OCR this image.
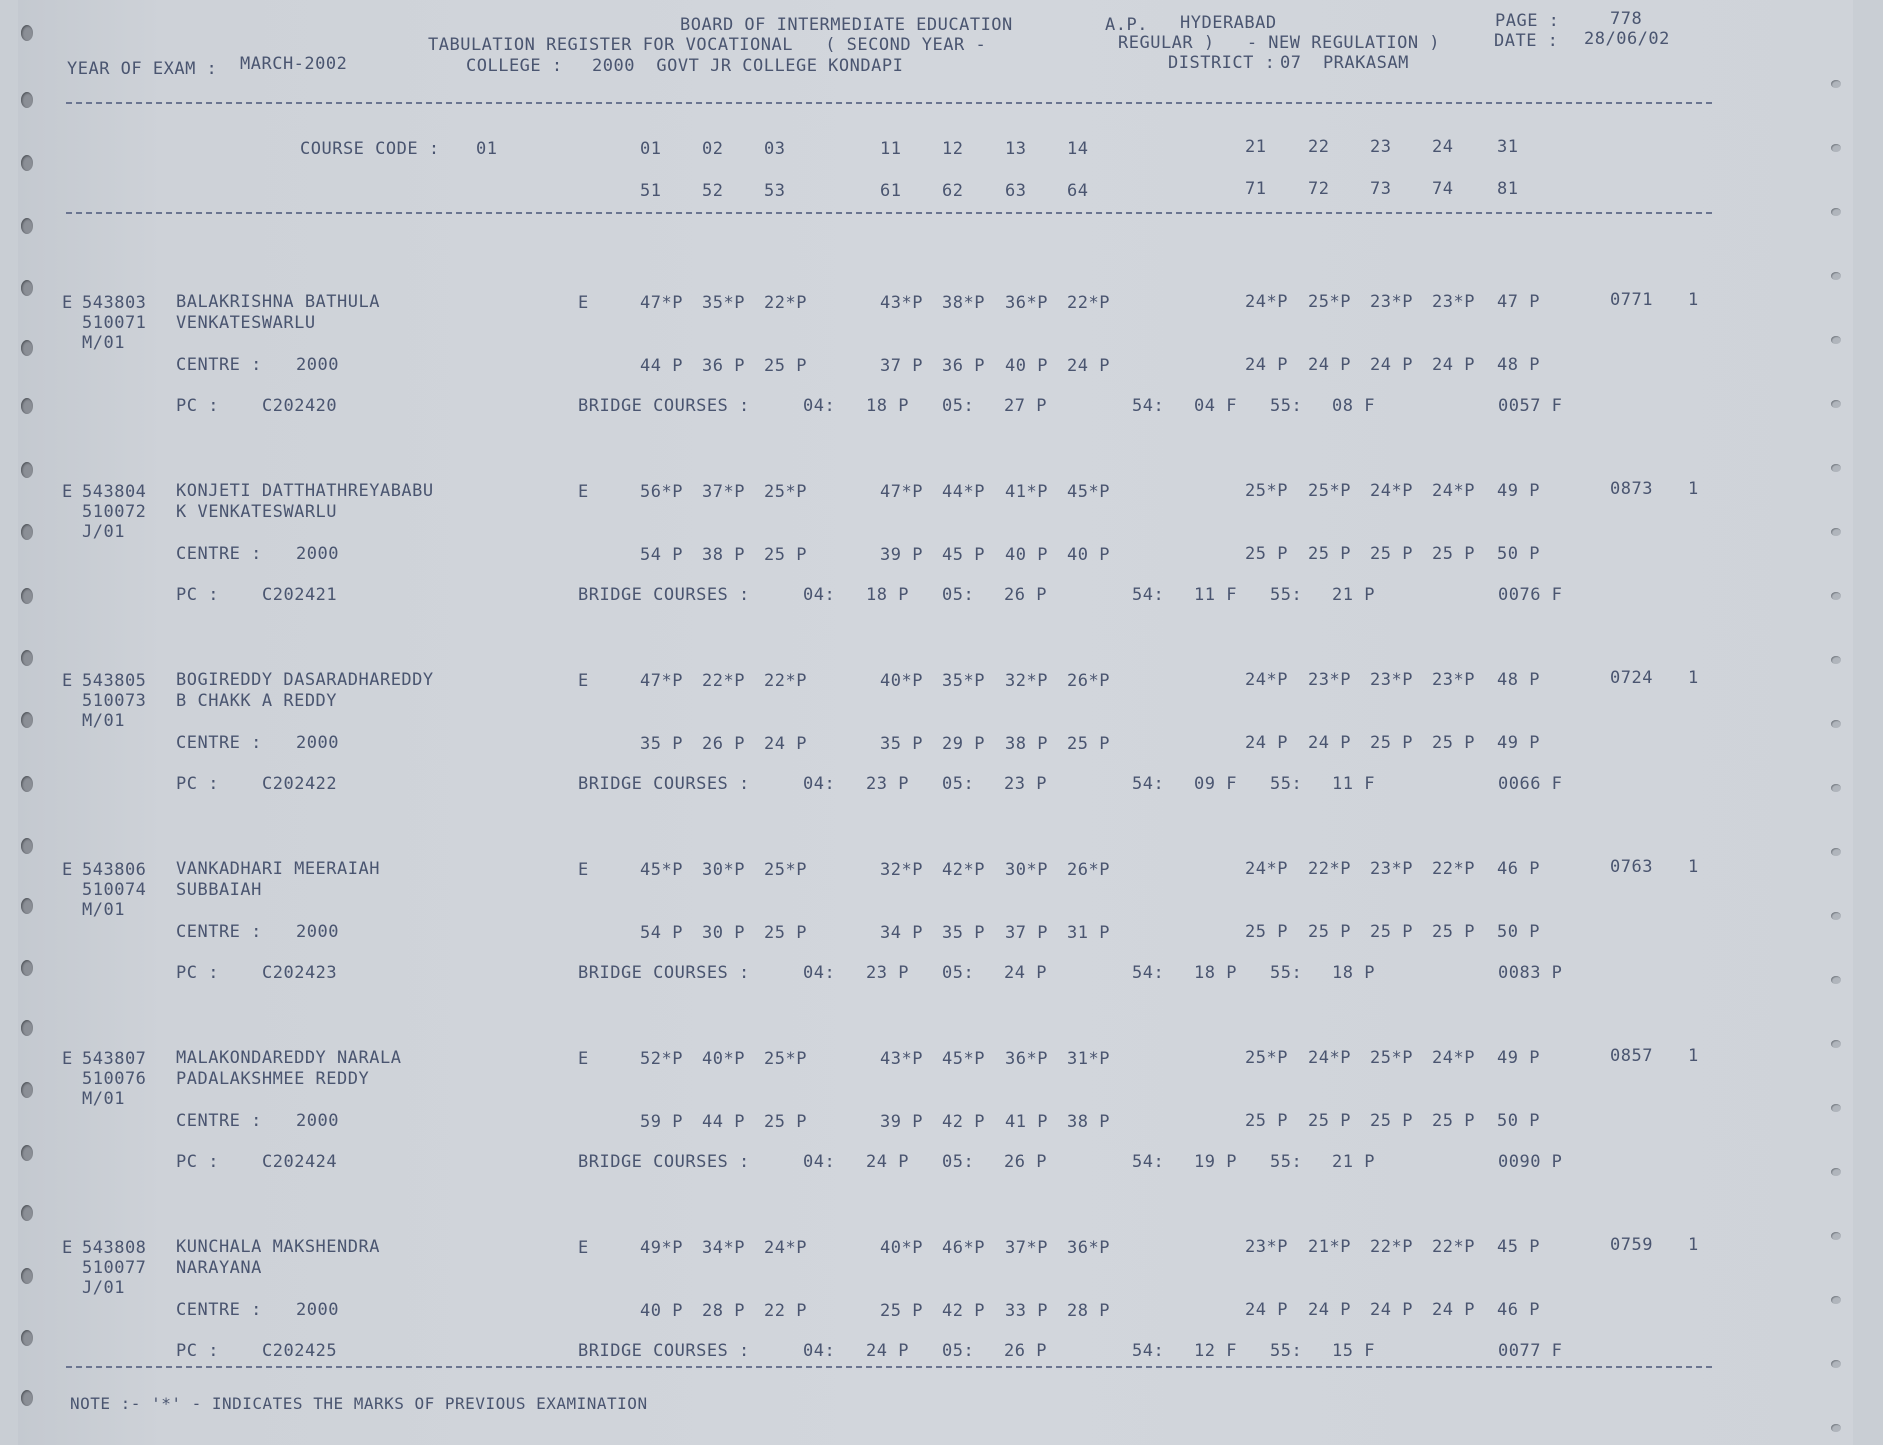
BOARD OF INTERMEDIATE EDUCATION	A.P. HYDERABAD	PAGE :	778
TABULATION REGISTER FOR VOCATIONAL   ( SECOND YEAR -	REGULAR )   - NEW REGULATION )	DATE : 28/06/02
YEAR OF EXAM : MARCH-2002	COLLEGE : 2000  GOVT JR COLLEGE KONDAPI	DISTRICT : 07  PRAKASAM
COURSE CODE : 01	01 02 03	11 12 13 14	21 22 23 24	31
51 52 53	61 62 63 64	71 72 73 74	81
E 543803 BALAKRISHNA BATHULA
510071 VENKATESWARLU
M/01
E	47*P 35*P 22*P	43*P 38*P 36*P 22*P	24*P 25*P 23*P 23*P 47 P	0771 1
CENTRE : 2000	44 P 36 P 25 P	37 P 36 P 40 P 24 P	24 P 24 P 24 P 24 P 48 P
PC :	C202420	BRIDGE COURSES :	04: 18 P 05: 27 P	54: 04 F 55: 08 F	0057 F
E 543804 KONJETI DATTHATHREYABABU
510072 K VENKATESWARLU
J/01
E	56*P 37*P 25*P	47*P 44*P 41*P 45*P	25*P 25*P 24*P 24*P 49 P	0873 1
CENTRE : 2000	54 P 38 P 25 P	39 P 45 P 40 P 40 P	25 P 25 P 25 P 25 P 50 P
PC :	C202421	BRIDGE COURSES :	04: 18 P 05: 26 P	54: 11 F 55: 21 P	0076 F
E 543805 BOGIREDDY DASARADHAREDDY
510073 B CHAKK A REDDY
M/01
E	47*P 22*P 22*P	40*P 35*P 32*P 26*P	24*P 23*P 23*P 23*P 48 P	0724 1
CENTRE : 2000	35 P 26 P 24 P	35 P 29 P 38 P 25 P	24 P 24 P 25 P 25 P 49 P
PC :	C202422	BRIDGE COURSES :	04: 23 P 05: 23 P	54: 09 F 55: 11 F	0066 F
E 543806 VANKADHARI MEERAIAH
510074 SUBBAIAH
M/01
E	45*P 30*P 25*P	32*P 42*P 30*P 26*P	24*P 22*P 23*P 22*P 46 P	0763 1
CENTRE : 2000	54 P 30 P 25 P	34 P 35 P 37 P 31 P	25 P 25 P 25 P 25 P 50 P
PC :	C202423	BRIDGE COURSES :	04: 23 P 05: 24 P	54: 18 P 55: 18 P	0083 P
E 543807 MALAKONDAREDDY NARALA
510076 PADALAKSHMEE REDDY
M/01
E	52*P 40*P 25*P	43*P 45*P 36*P 31*P	25*P 24*P 25*P 24*P 49 P	0857 1
CENTRE : 2000	59 P 44 P 25 P	39 P 42 P 41 P 38 P	25 P 25 P 25 P 25 P 50 P
PC :	C202424	BRIDGE COURSES :	04: 24 P 05: 26 P	54: 19 P 55: 21 P	0090 P
E 543808 KUNCHALA MAKSHENDRA
510077 NARAYANA
J/01
E	49*P 34*P 24*P	40*P 46*P 37*P 36*P	23*P 21*P 22*P 22*P 45 P	0759 1
CENTRE : 2000	40 P 28 P 22 P	25 P 42 P 33 P 28 P	24 P 24 P 24 P 24 P 46 P
PC :	C202425	BRIDGE COURSES :	04: 24 P 05: 26 P	54: 12 F 55: 15 F	0077 F
NOTE :- '*' - INDICATES THE MARKS OF PREVIOUS EXAMINATION
